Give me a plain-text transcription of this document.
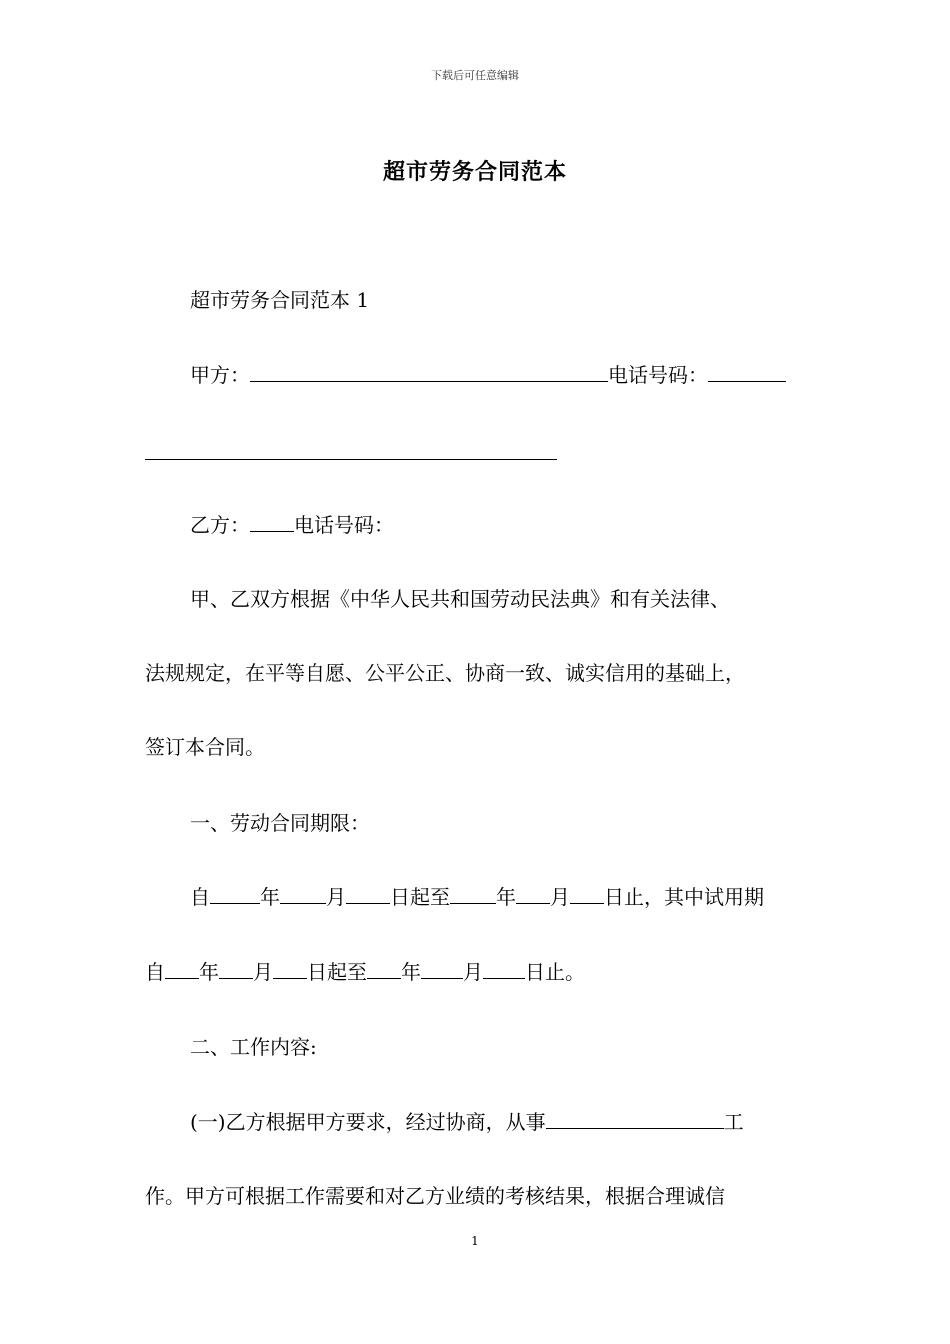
下载后可任意编辑
超市劳务合同范本
超市劳务合同范本 1
甲方：	电话号码：
乙方： 电话号码：
甲、乙双方根据《中华人民共和国劳动民法典》和有关法律、
法规规定，在平等自愿、公平公正、协商一致、诚实信用的基础上，
签订本合同。
一、劳动合同期限：
自	年 月 日起至 年 月 日止，其中试用期
自 年 月 日起至 年 月 日止。
二、工作内容:
(一)乙方根据甲方要求，经过协商，从事	工
作。甲方可根据工作需要和对乙方业绩的考核结果，根据合理诚信
1
